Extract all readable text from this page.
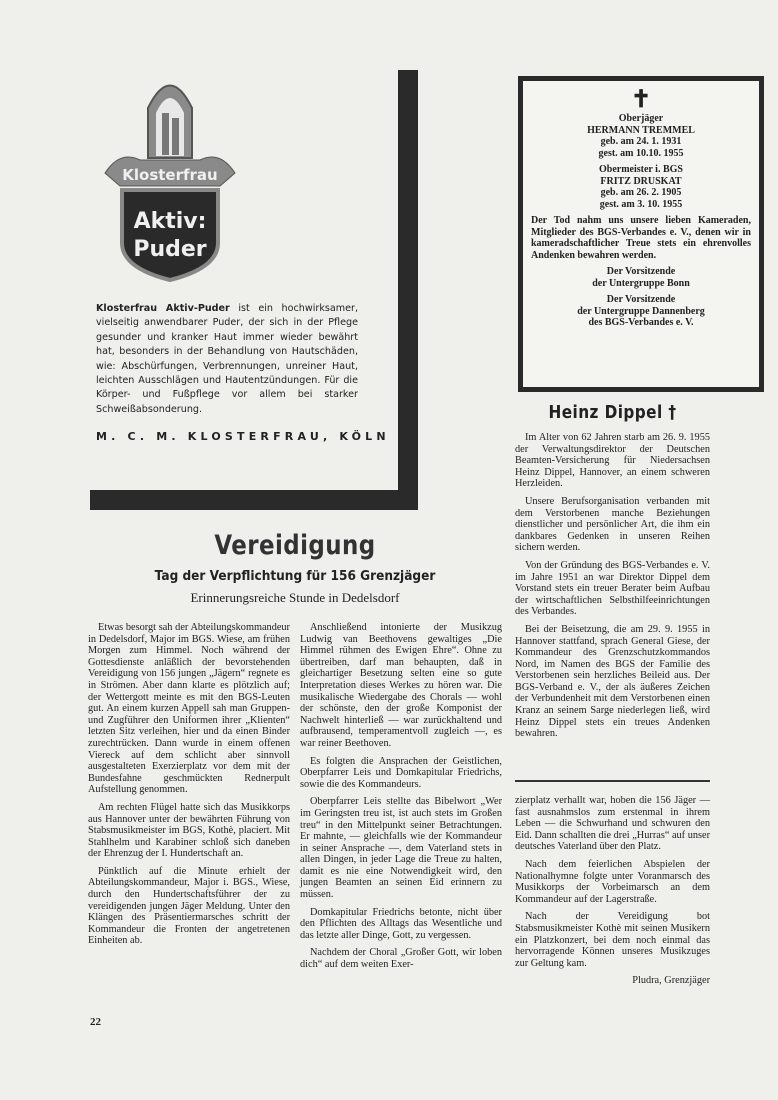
Klosterfrau
Aktiv:
Puder
Klosterfrau Aktiv-Puder ist ein hochwirksamer, vielseitig anwendbarer Puder, der sich in der Pflege gesunder und kranker Haut immer wieder bewährt hat, besonders in der Behandlung von Hautschäden, wie: Abschürfungen, Verbrennungen, unreiner Haut, leichten Ausschlägen und Hautentzündungen. Für die Körper- und Fußpflege vor allem bei starker Schweißabsonderung.
M. C. M. KLOSTERFRAU, KÖLN
✝

Oberjäger
HERMANN TREMMEL
geb. am 24. 1. 1931
gest. am 10.10. 1955

Obermeister i. BGS
FRITZ DRUSKAT
geb. am 26. 2. 1905
gest. am 3. 10. 1955

Der Tod nahm uns unsere lieben Kameraden, Mitglieder des BGS-Verbandes e. V., denen wir in kameradschaftlicher Treue stets ein ehrenvolles Andenken bewahren werden.

Der Vorsitzende
der Untergruppe Bonn

Der Vorsitzende
der Untergruppe Dannenberg
des BGS-Verbandes e. V.

Heinz Dippel †

Im Alter von 62 Jahren starb am 26. 9. 1955 der Verwaltungsdirektor der Deutschen Beamten-Versicherung für Niedersachsen Heinz Dippel, Hannover, an einem schweren Herzleiden.

Unsere Berufsorganisation verbanden mit dem Verstorbenen manche Beziehungen dienstlicher und persönlicher Art, die ihm ein dankbares Gedenken in unseren Reihen sichern werden.

Von der Gründung des BGS-Verbandes e. V. im Jahre 1951 an war Direktor Dippel dem Vorstand stets ein treuer Berater beim Aufbau der wirtschaftlichen Selbsthilfeeinrichtungen des Verbandes.

Bei der Beisetzung, die am 29. 9. 1955 in Hannover stattfand, sprach General Giese, der Kommandeur des Grenzschutzkommandos Nord, im Namen des BGS der Familie des Verstorbenen sein herzliches Beileid aus. Der BGS-Verband e. V., der als äußeres Zeichen der Verbundenheit mit dem Verstorbenen einen Kranz an seinem Sarge niederlegen ließ, wird Heinz Dippel stets ein treues Andenken bewahren.

Vereidigung
Tag der Verpflichtung für 156 Grenzjäger
Erinnerungsreiche Stunde in Dedelsdorf

Etwas besorgt sah der Abteilungskommandeur in Dedelsdorf, Major im BGS. Wiese, am frühen Morgen zum Himmel. Noch während der Gottesdienste anläßlich der bevorstehenden Vereidigung von 156 jungen „Jägern“ regnete es in Strömen. Aber dann klarte es plötzlich auf; der Wettergott meinte es mit den BGS-Leuten gut. An einem kurzen Appell sah man Gruppen- und Zugführer den Uniformen ihrer „Klienten“ letzten Sitz verleihen, hier und da einen Binder zurechtrücken. Dann wurde in einem offenen Viereck auf dem schlicht aber sinnvoll ausgestalteten Exerzierplatz vor dem mit der Bundesfahne geschmückten Rednerpult Aufstellung genommen.

Am rechten Flügel hatte sich das Musikkorps aus Hannover unter der bewährten Führung von Stabsmusikmeister im BGS, Kothè, placiert. Mit Stahlhelm und Karabiner schloß sich daneben der Ehrenzug der I. Hundertschaft an.

Pünktlich auf die Minute erhielt der Abteilungskommandeur, Major i. BGS., Wiese, durch den Hundertschaftsführer der zu vereidigenden jungen Jäger Meldung. Unter den Klängen des Präsentiermarsches schritt der Kommandeur die Fronten der angetretenen Einheiten ab.

Anschließend intonierte der Musikzug Ludwig van Beethovens gewaltiges „Die Himmel rühmen des Ewigen Ehre“. Ohne zu übertreiben, darf man behaupten, daß in gleichartiger Besetzung selten eine so gute Interpretation dieses Werkes zu hören war. Die musikalische Wiedergabe des Chorals — wohl der schönste, den der große Komponist der Nachwelt hinterließ — war zurückhaltend und aufbrausend, temperamentvoll zugleich —, es war reiner Beethoven.

Es folgten die Ansprachen der Geistlichen, Oberpfarrer Leis und Domkapitular Friedrichs, sowie die des Kommandeurs.

Oberpfarrer Leis stellte das Bibelwort „Wer im Geringsten treu ist, ist auch stets im Großen treu“ in den Mittelpunkt seiner Betrachtungen. Er mahnte, — gleichfalls wie der Kommandeur in seiner Ansprache —, dem Vaterland stets in allen Dingen, in jeder Lage die Treue zu halten, damit es nie eine Notwendigkeit wird, den jungen Beamten an seinen Eid erinnern zu müssen.

Domkapitular Friedrichs betonte, nicht über den Pflichten des Alltags das Wesentliche und das letzte aller Dinge, Gott, zu vergessen.

Nachdem der Choral „Großer Gott, wir loben dich“ auf dem weiten Exer-

zierplatz verhallt war, hoben die 156 Jäger — fast ausnahmslos zum erstenmal in ihrem Leben — die Schwurhand und schwuren den Eid. Dann schallten die drei „Hurras“ auf unser deutsches Vaterland über den Platz.

Nach dem feierlichen Abspielen der Nationalhymne folgte unter Voranmarsch des Musikkorps der Vorbeimarsch an dem Kommandeur auf der Lagerstraße.

Nach der Vereidigung bot Stabsmusikmeister Kothè mit seinen Musikern ein Platzkonzert, bei dem noch einmal das hervorragende Können unseres Musikzuges zur Geltung kam.

Pludra, Grenzjäger

22
